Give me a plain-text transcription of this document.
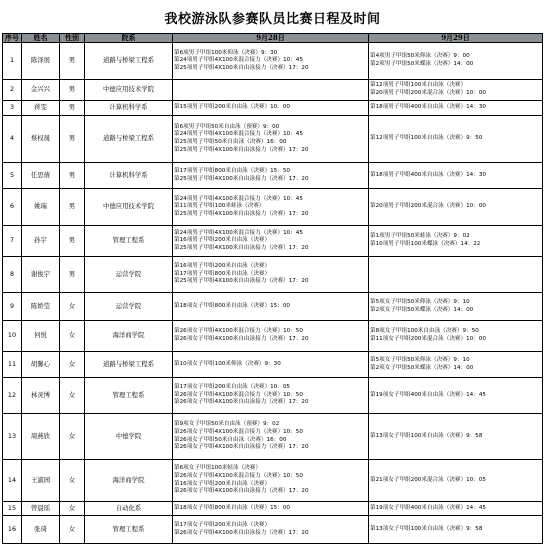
我校游泳队参赛队员比赛日程及时间
序号	姓名	性别	院系	9月28日	9月29日
1	陈泽展	男	道路与桥梁工程系	第6项男子甲组100米仰泳（决赛）9：30
第24项男子甲组4X100米混合接力（决赛）10：45
第25项男子甲组4X100米自由泳接力（决赛）17：20	第4项男子甲组50米仰泳（决赛）9：00
第2项男子甲组50米蝶泳（决赛）14：00

2	金兴兴	男	中德应用技术学院		第12项男子甲组100米自由泳（决赛）
第20项男子甲组200米混合泳（决赛）10：00

3	蒋雯	男	计算机科学系	第15项男子甲组200米自由泳（决赛）10：00	第18项男子甲组400米自由泳（决赛）14：30

4	蔡权晟	男	道路与桥梁工程系	第6项男子甲组50米自由泳（预赛）9：00
第24项男子甲组4X100米混合接力（决赛）10：45
第25项男子甲组50米自由泳（决赛）16：00
第25项男子甲组4X100米自由泳接力（决赛）17：20	第12项男子甲组100米自由泳（决赛）9：50

5	任思倩	男	计算机科学系	第17项男子甲组800米自由泳（决赛）15：50
第25项男子甲组4X100米自由泳接力（决赛）17：20	第18项男子甲组400米自由泳（决赛）14：30

6	姚瑞	男	中德应用技术学院	第24项男子甲组4X100米混合接力（决赛）10：45
第11项男子甲组100米蛙泳（决赛）
第25项男子甲组4X100米自由泳接力（决赛）17：20	第20项男子甲组200米混合泳（决赛）10：00

7	孙宇	男	管理工程系	第24项男子甲组4X100米混合接力（决赛）10：45
第16项男子甲组200米自由泳（决赛）
第25项男子甲组4X100米自由泳接力（决赛）17：20	第1项男子甲组50米蛙泳（决赛）9：02
第10项男子甲组100米蝶泳（决赛）14：22

8	谢俊宇	男	运营学院	第16项男子甲组200米自由泳（决赛）
第17项男子甲组800米自由泳（决赛）
第25项男子甲组4X100米自由泳接力（决赛）17：20	

9	陈娇莹	女	运营学院	第18项女子甲组800米自由泳（决赛）15：00	第5项女子甲组50米仰泳（决赛）9：10
第2项女子甲组50米蝶泳（决赛）14：00

10	何悦	女	海洋商学院	第26项女子甲组4X100米混合接力（决赛）10：50
第26项女子甲组4X100米自由泳接力（决赛）17：20	第8项女子甲组100米自由泳（决赛）9：50
第11项女子甲组200米混合泳（决赛）10：00

11	胡馨心	女	道路与桥梁工程系	第10项女子甲组100米仰泳（决赛）9：30	第5项女子甲组50米仰泳（决赛）9：10
第2项女子甲组50米蝶泳（决赛）14：00

12	林灵博	女	管理工程系	第17项女子甲组200米自由泳（决赛）10：05
第26项女子甲组4X100米混合接力（决赛）10：50
第26项女子甲组4X100米自由泳接力（决赛）17：20	第19项女子甲组400米自由泳（决赛）14：45

13	周燕欣	女	中德学院	第9项女子甲组50米自由泳（预赛）9：02
第26项女子甲组4X100米混合接力（决赛）10：50
第26项女子甲组50米自由泳（决赛）16：00
第26项女子甲组4X100米自由泳接力（决赛）17：20	第13项女子甲组100米自由泳（决赛）9：58

14	王淑园	女	海洋商学院	第6项女子甲组100米蛙泳（决赛）
第26项女子甲组4X100米混合接力（决赛）10：50
第16项女子甲组200米自由泳（决赛）
第26项女子甲组4X100米自由泳接力（决赛）17：20	第21项女子甲组200米混合泳（决赛）10：05

15	曾晨瑶	女	自动化系	第18项女子甲组800米自由泳（决赛）15：00	第19项女子甲组400米自由泳（决赛）14：45

16	张琦	女	管理工程系	第17项女子甲组200米自由泳（决赛）
第26项女子甲组4X100米自由泳接力（决赛）17：20	第13项女子甲组100米自由泳（决赛）9：58
